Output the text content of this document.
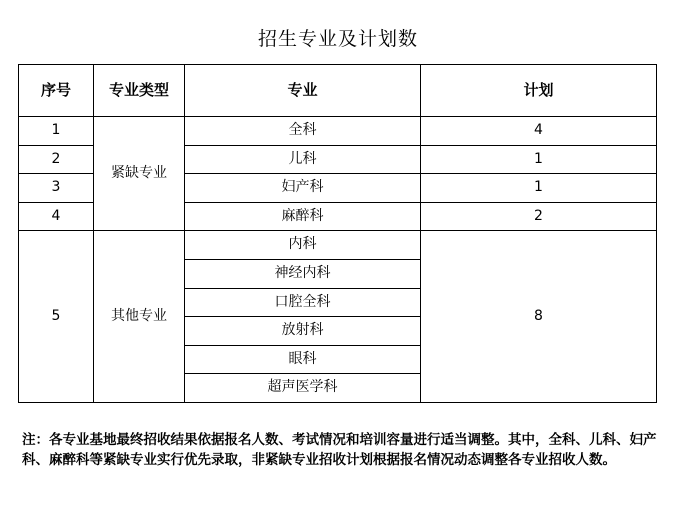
招生专业及计划数
序号	专业类型	专业	计划
1	紧缺专业	全科	4
2		儿科	1
3		妇产科	1
4		麻醉科	2
5	其他专业	内科	8
		神经内科	
		口腔全科	
		放射科	
		眼科	
		超声医学科	

注：各专业基地最终招收结果依据报名人数、考试情况和培训容量进行适当调整。其中，全科、儿科、妇产科、麻醉科等紧缺专业实行优先录取，非紧缺专业招收计划根据报名情况动态调整各专业招收人数。
